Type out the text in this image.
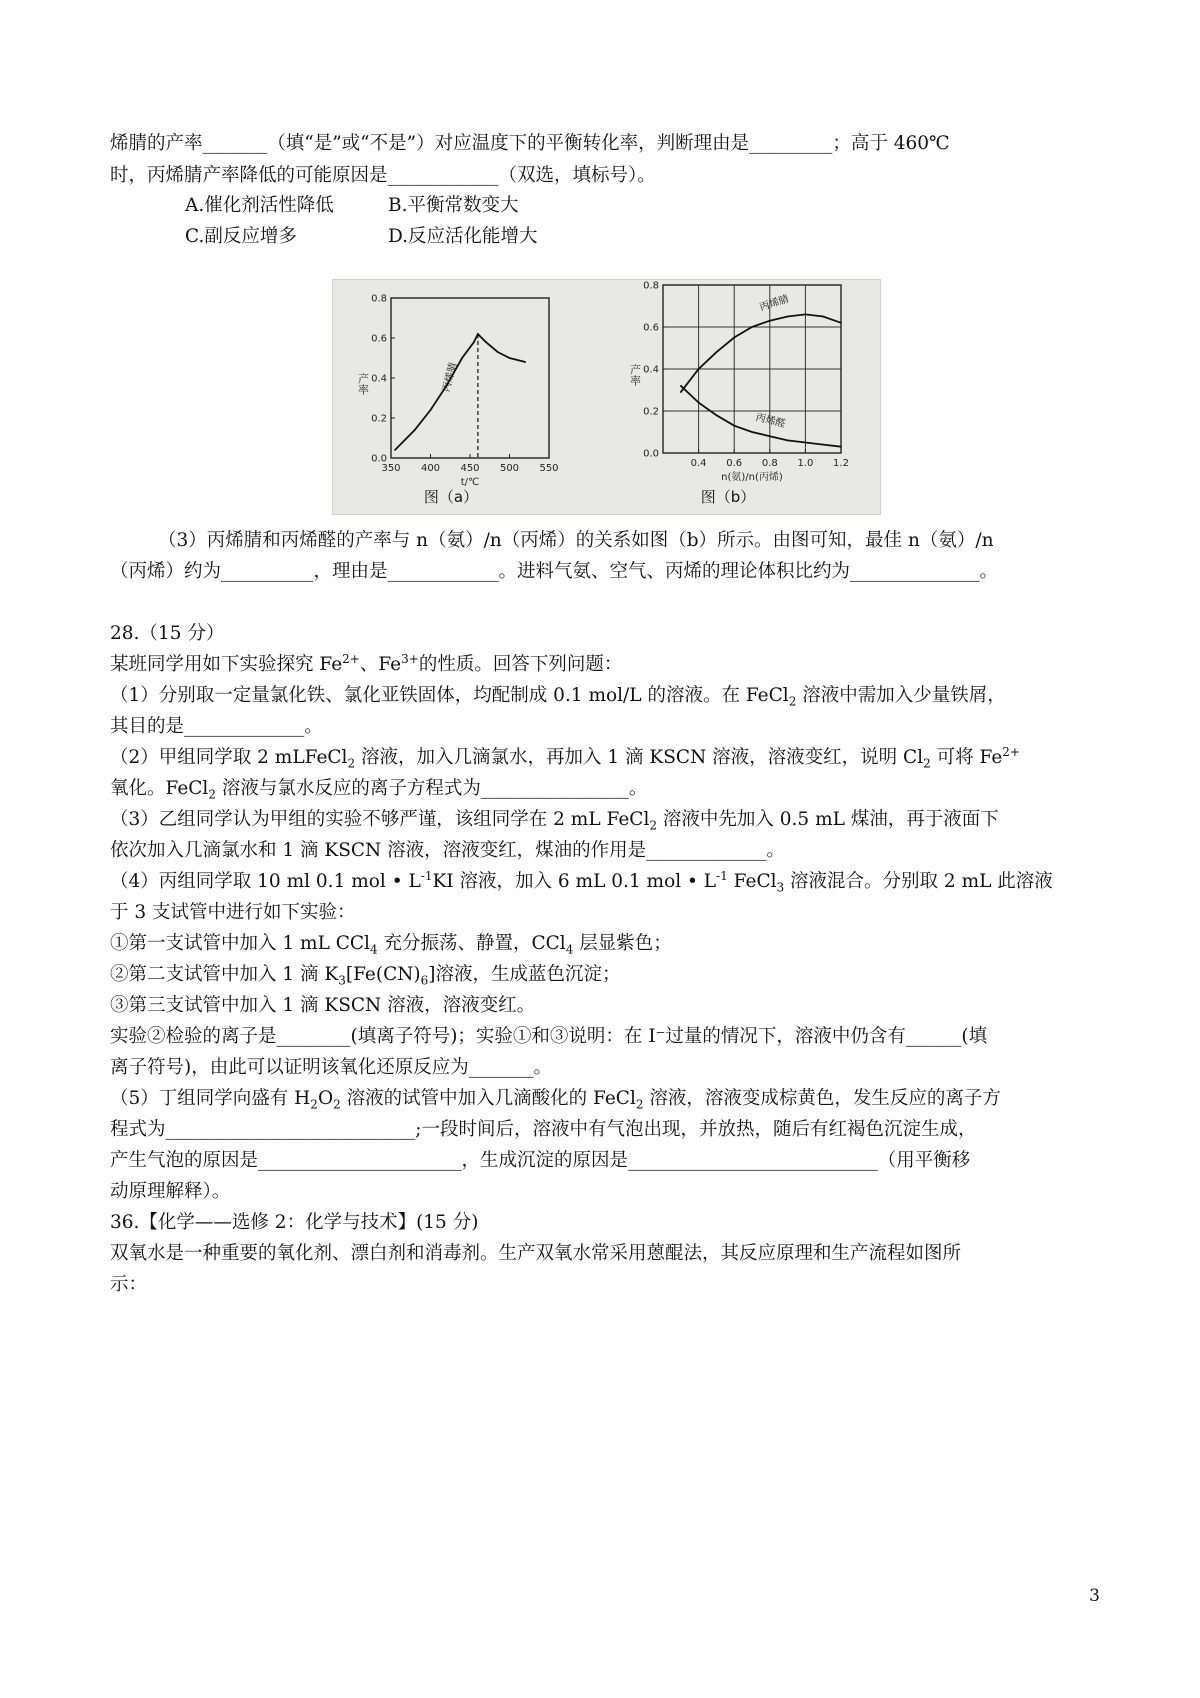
烯腈的产率_______（填“是”或“不是”）对应温度下的平衡转化率，判断理由是_________；高于 460℃
时，丙烯腈产率降低的可能原因是____________（双选，填标号）。
A.催化剂活性降低	B.平衡常数变大
C.副反应增多	D.反应活化能增大
350 400 450 500 550
0.0
0.2
0.4
0.6
0.8
t/℃
产率	丙烯腈
图（a）
0.4 0.6 0.8 1.0 1.2
0.0
0.2
0.4
0.6
0.8
n(氨)/n(丙烯)
产率
丙烯腈
丙烯醛
图（b）
（3）丙烯腈和丙烯醛的产率与 n（氨）/n（丙烯）的关系如图（b）所示。由图可知，最佳 n（氨）/n
（丙烯）约为__________，理由是____________。进料气氨、空气、丙烯的理论体积比约为______________。
28.（15 分）
某班同学用如下实验探究 $Fe^{2+}$、$Fe^{3+}$的性质。回答下列问题：
（1）分别取一定量氯化铁、氯化亚铁固体，均配制成 0.1 mol/L 的溶液。在 FeCl$_2$ 溶液中需加入少量铁屑，
其目的是_____________。
（2）甲组同学取 2 mLFeCl$_2$ 溶液，加入几滴氯水，再加入 1 滴 KSCN 溶液，溶液变红，说明 $Cl_2$ 可将 $Fe^{2+}$
氧化。FeCl$_2$ 溶液与氯水反应的离子方程式为________________。
（3）乙组同学认为甲组的实验不够严谨，该组同学在 2 mL FeCl$_2$ 溶液中先加入 0.5 mL 煤油，再于液面下
依次加入几滴氯水和 1 滴 KSCN 溶液，溶液变红，煤油的作用是_____________。
（4）丙组同学取 10 ml 0.1 mol • $L^{-1}KI$ 溶液，加入 6 mL 0.1 mol • $L^{-1}$ FeCl$_3$ 溶液混合。分别取 2 mL 此溶液
于 3 支试管中进行如下实验：
①第一支试管中加入 1 mL CCl$_4$ 充分振荡、静置，CCl$_4$ 层显紫色；
②第二支试管中加入 1 滴 $K_3[Fe(CN)_6]$溶液，生成蓝色沉淀；
③第三支试管中加入 1 滴 KSCN 溶液，溶液变红。
实验②检验的离子是________(填离子符号)；实验①和③说明：在 I⁻过量的情况下，溶液中仍含有______(填
离子符号)，由此可以证明该氧化还原反应为_______。
（5）丁组同学向盛有 $H_2O_2$ 溶液的试管中加入几滴酸化的 FeCl$_2$ 溶液，溶液变成棕黄色，发生反应的离子方
程式为___________________________;一段时间后，溶液中有气泡出现，并放热，随后有红褐色沉淀生成，
产生气泡的原因是______________________，生成沉淀的原因是___________________________（用平衡移
动原理解释）。
36.【化学——选修 2：化学与技术】(15 分)
双氧水是一种重要的氧化剂、漂白剂和消毒剂。生产双氧水常采用蒽醌法，其反应原理和生产流程如图所
示：
3
